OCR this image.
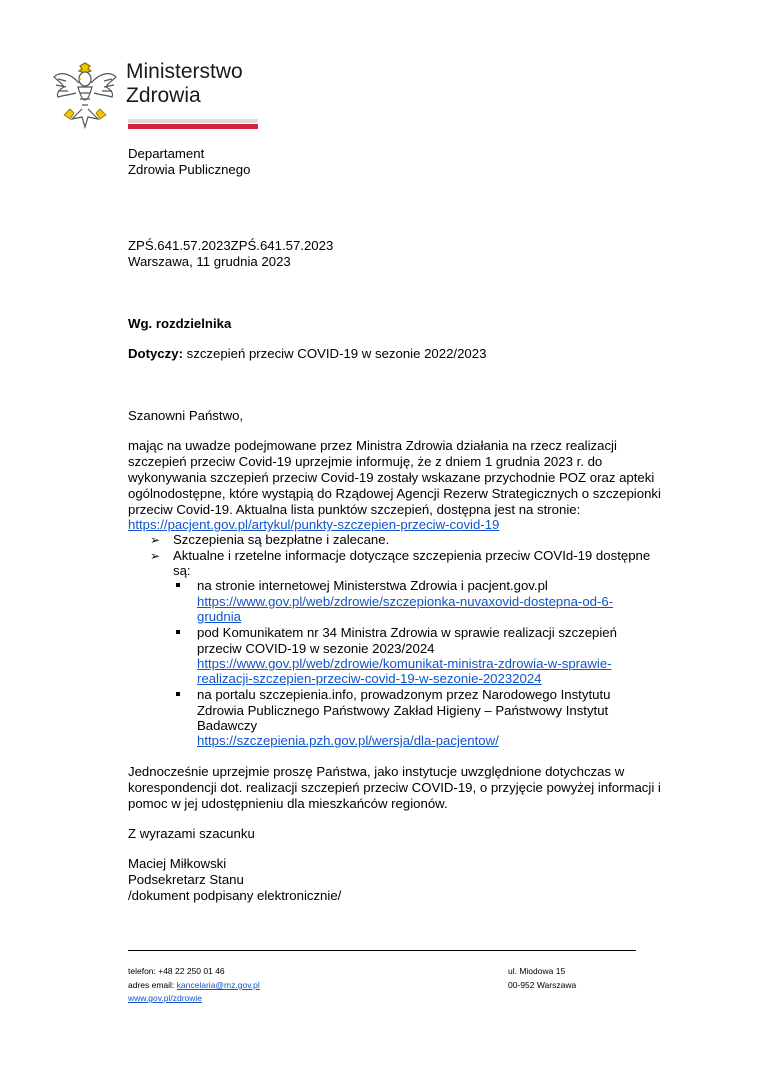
Ministerstwo
Zdrowia
Departament
Zdrowia Publicznego
ZPŚ.641.57.2023ZPŚ.641.57.2023
Warszawa, 11 grudnia 2023
Wg. rozdzielnika
Dotyczy: szczepień przeciw COVID-19 w sezonie 2022/2023
Szanowni Państwo,
mając na uwadze podejmowane przez Ministra Zdrowia działania na rzecz realizacji
szczepień przeciw Covid-19 uprzejmie informuję, że z dniem 1 grudnia 2023 r. do
wykonywania szczepień przeciw Covid-19 zostały wskazane przychodnie POZ oraz apteki
ogólnodostępne, które wystąpią do Rządowej Agencji Rezerw Strategicznych o szczepionki
przeciw Covid-19. Aktualna lista punktów szczepień, dostępna jest na stronie:
https://pacjent.gov.pl/artykul/punkty-szczepien-przeciw-covid-19
➢ Szczepienia są bezpłatne i zalecane.
➢ Aktualne i rzetelne informacje dotyczące szczepienia przeciw COVId-19 dostępne
są:
na stronie internetowej Ministerstwa Zdrowia i pacjent.gov.pl
https://www.gov.pl/web/zdrowie/szczepionka-nuvaxovid-dostepna-od-6-
grudnia
pod Komunikatem nr 34 Ministra Zdrowia w sprawie realizacji szczepień
przeciw COVID-19 w sezonie 2023/2024
https://www.gov.pl/web/zdrowie/komunikat-ministra-zdrowia-w-sprawie-
realizacji-szczepien-przeciw-covid-19-w-sezonie-20232024
na portalu szczepienia.info, prowadzonym przez Narodowego Instytutu
Zdrowia Publicznego Państwowy Zakład Higieny – Państwowy Instytut
Badawczy
https://szczepienia.pzh.gov.pl/wersja/dla-pacjentow/
Jednocześnie uprzejmie proszę Państwa, jako instytucje uwzględnione dotychczas w
korespondencji dot. realizacji szczepień przeciw COVID-19, o przyjęcie powyżej informacji i
pomoc w jej udostępnieniu dla mieszkańców regionów.
Z wyrazami szacunku
Maciej Miłkowski
Podsekretarz Stanu
/dokument podpisany elektronicznie/
telefon: +48 22 250 01 46
adres email: kancelaria@mz.gov.pl
www.gov.pl/zdrowie
ul. Miodowa 15
00-952 Warszawa
